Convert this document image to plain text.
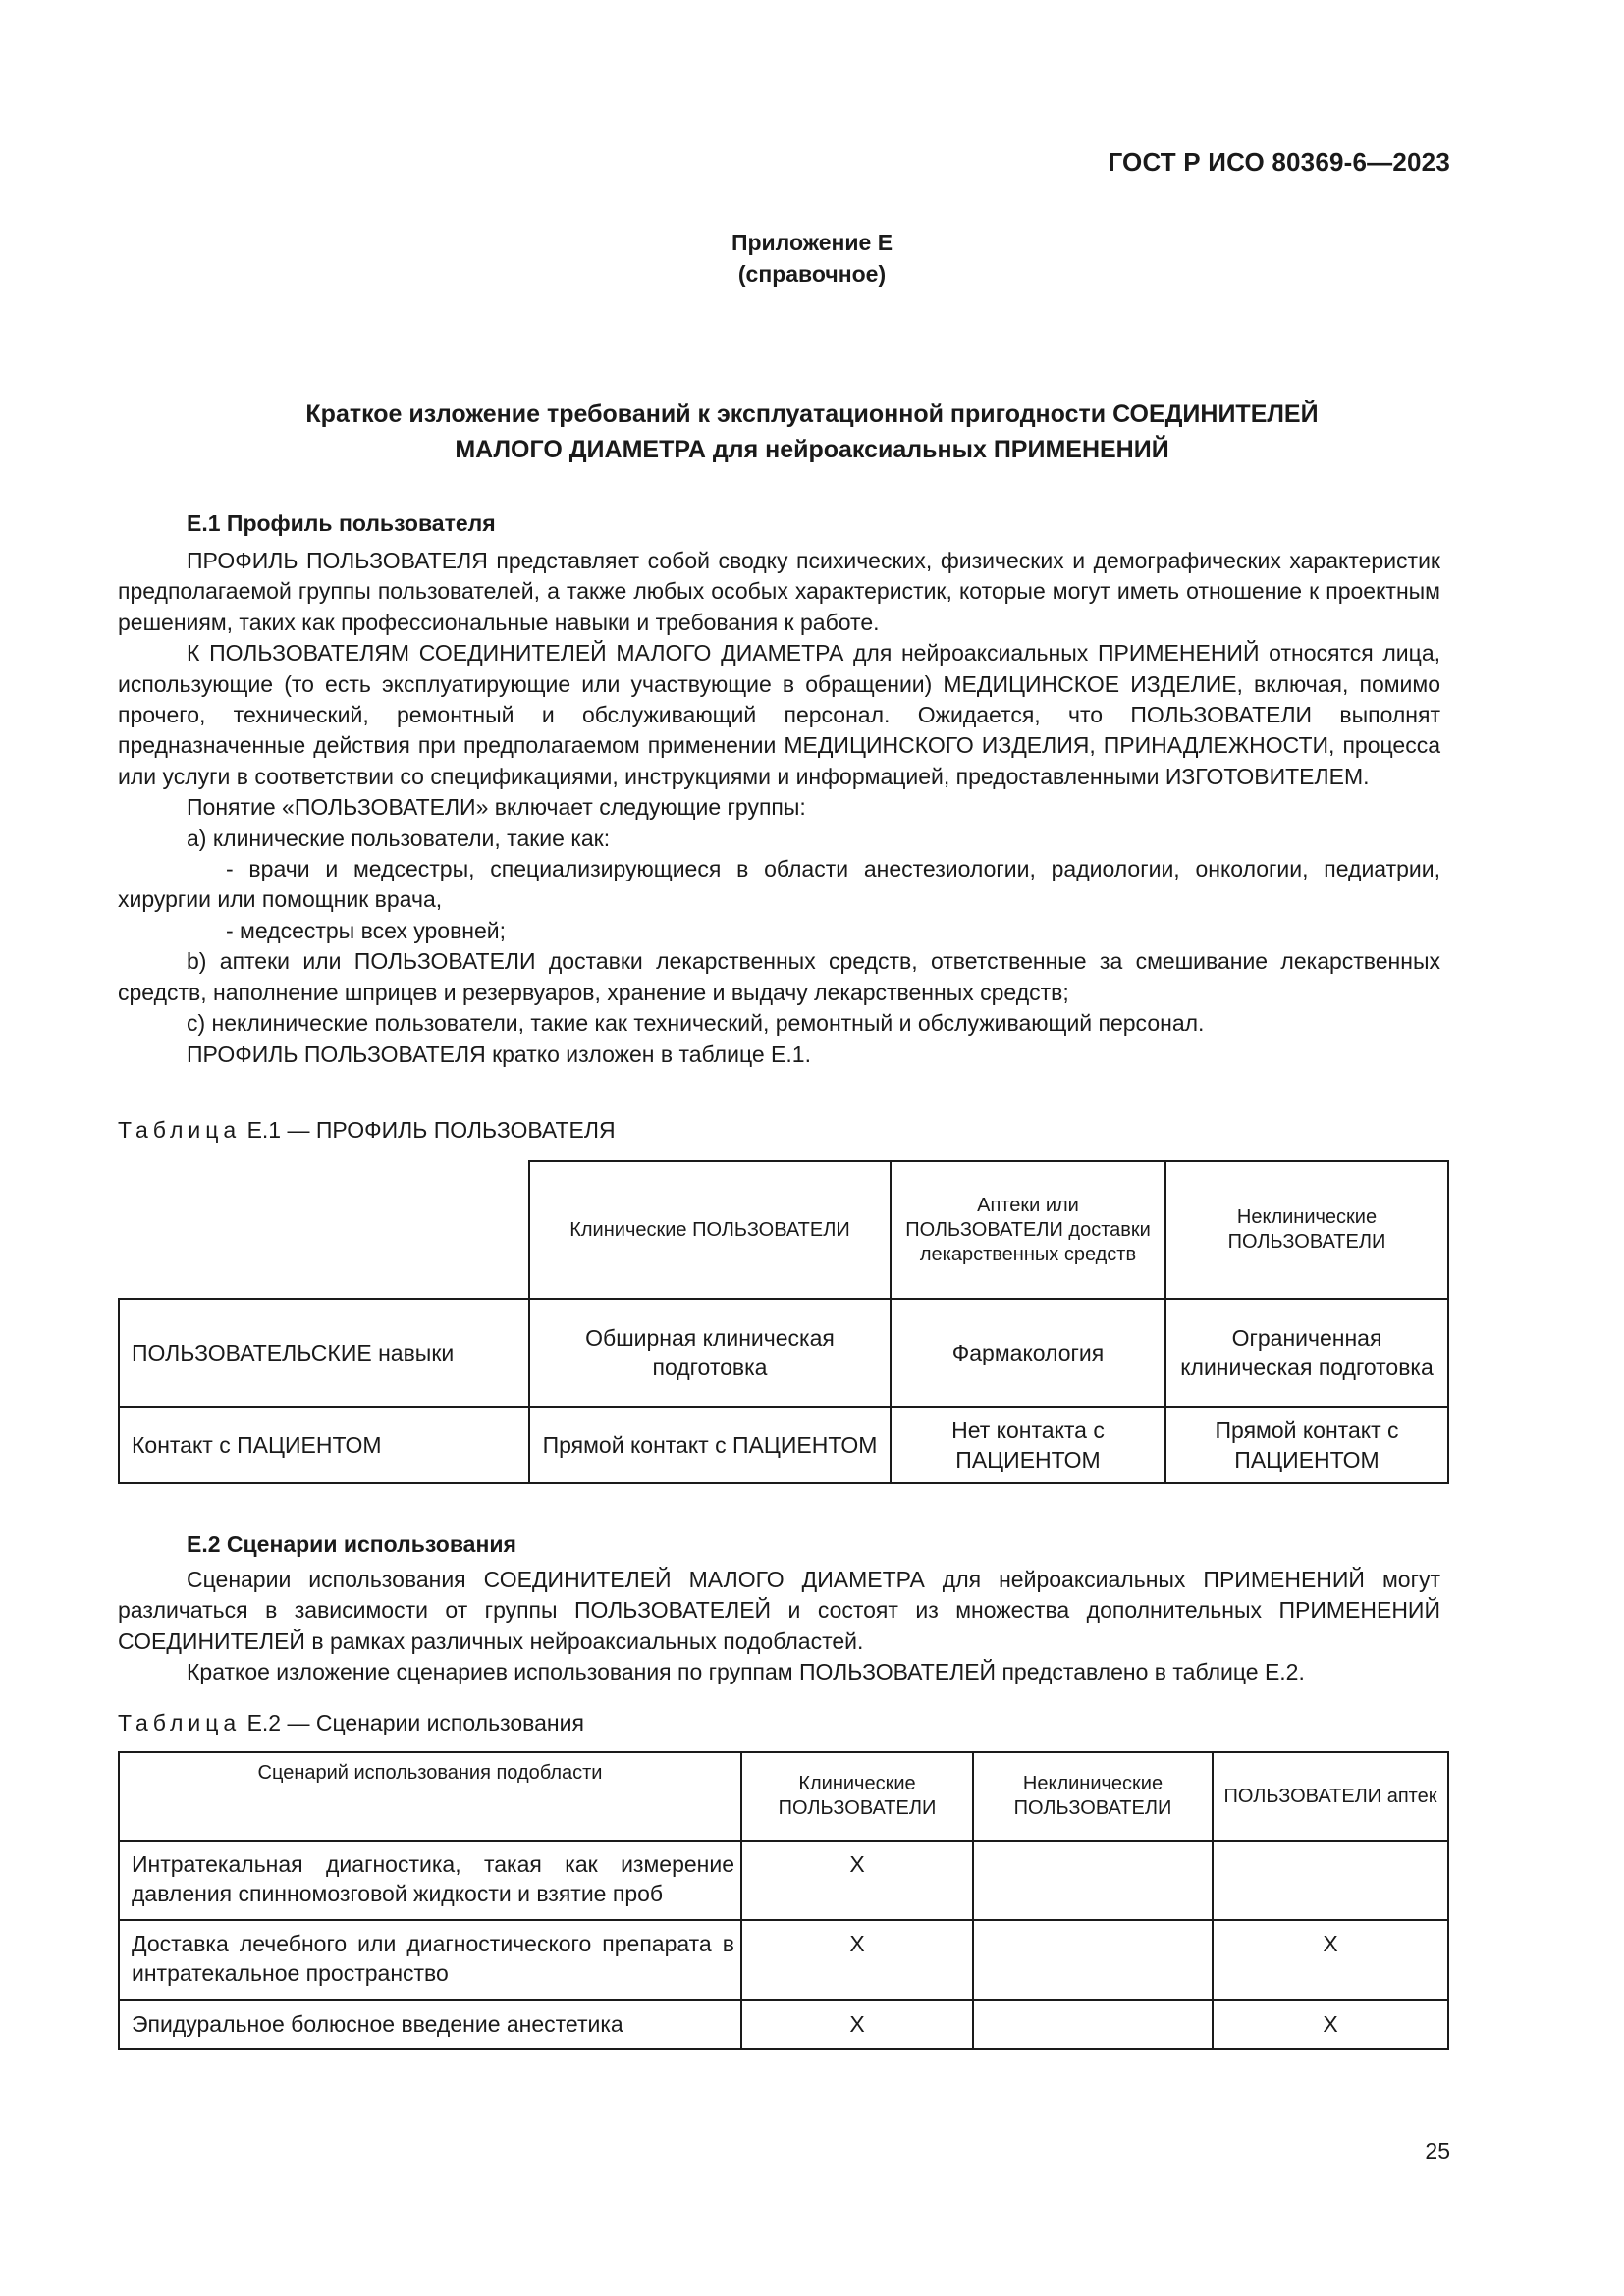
ГОСТ Р ИСО 80369-6—2023
Приложение Е
(справочное)
Краткое изложение требований к эксплуатационной пригодности СОЕДИНИТЕЛЕЙ
МАЛОГО ДИАМЕТРА для нейроаксиальных ПРИМЕНЕНИЙ
Е.1 Профиль пользователя

ПРОФИЛЬ ПОЛЬЗОВАТЕЛЯ представляет собой сводку психических, физических и демографических характеристик предполагаемой группы пользователей, а также любых особых характеристик, которые могут иметь отношение к проектным решениям, таких как профессиональные навыки и требования к работе.

К ПОЛЬЗОВАТЕЛЯМ СОЕДИНИТЕЛЕЙ МАЛОГО ДИАМЕТРА для нейроаксиальных ПРИМЕНЕНИЙ относятся лица, использующие (то есть эксплуатирующие или участвующие в обращении) МЕДИЦИНСКОЕ ИЗДЕЛИЕ, включая, помимо прочего, технический, ремонтный и обслуживающий персонал. Ожидается, что ПОЛЬЗОВАТЕЛИ выполнят предназначенные действия при предполагаемом применении МЕДИЦИНСКОГО ИЗДЕЛИЯ, ПРИНАДЛЕЖНОСТИ, процесса или услуги в соответствии со спецификациями, инструкциями и информацией, предоставленными ИЗГОТОВИТЕЛЕМ.

Понятие «ПОЛЬЗОВАТЕЛИ» включает следующие группы:

а) клинические пользователи, такие как:

- врачи и медсестры, специализирующиеся в области анестезиологии, радиологии, онкологии, педиатрии, хирургии или помощник врача,

- медсестры всех уровней;

b) аптеки или ПОЛЬЗОВАТЕЛИ доставки лекарственных средств, ответственные за смешивание лекарственных средств, наполнение шприцев и резервуаров, хранение и выдачу лекарственных средств;

c) неклинические пользователи, такие как технический, ремонтный и обслуживающий персонал.

ПРОФИЛЬ ПОЛЬЗОВАТЕЛЯ кратко изложен в таблице Е.1.

Таблица Е.1 — ПРОФИЛЬ ПОЛЬЗОВАТЕЛЯ
	Клинические ПОЛЬЗОВАТЕЛИ	Аптеки или ПОЛЬЗОВАТЕЛИ доставки лекарственных средств	Неклинические ПОЛЬЗОВАТЕЛИ
ПОЛЬЗОВАТЕЛЬСКИЕ навыки	Обширная клиническая подготовка	Фармакология	Ограниченная клиническая подготовка
Контакт с ПАЦИЕНТОМ	Прямой контакт с ПАЦИЕНТОМ	Нет контакта с ПАЦИЕНТОМ	Прямой контакт с ПАЦИЕНТОМ
Е.2 Сценарии использования

Сценарии использования СОЕДИНИТЕЛЕЙ МАЛОГО ДИАМЕТРА для нейроаксиальных ПРИМЕНЕНИЙ могут различаться в зависимости от группы ПОЛЬЗОВАТЕЛЕЙ и состоят из множества дополнительных ПРИМЕНЕНИЙ СОЕДИНИТЕЛЕЙ в рамках различных нейроаксиальных подобластей.

Краткое изложение сценариев использования по группам ПОЛЬЗОВАТЕЛЕЙ представлено в таблице Е.2.

Таблица Е.2 — Сценарии использования
Сценарий использования подобласти	Клинические ПОЛЬЗОВАТЕЛИ	Неклинические ПОЛЬЗОВАТЕЛИ	ПОЛЬЗОВАТЕЛИ аптек
Интратекальная диагностика, такая как измерение давления спинномозговой жидкости и взятие проб	X		
Доставка лечебного или диагностического препарата в интратекальное пространство	X		X
Эпидуральное болюсное введение анестетика	X		X
25
